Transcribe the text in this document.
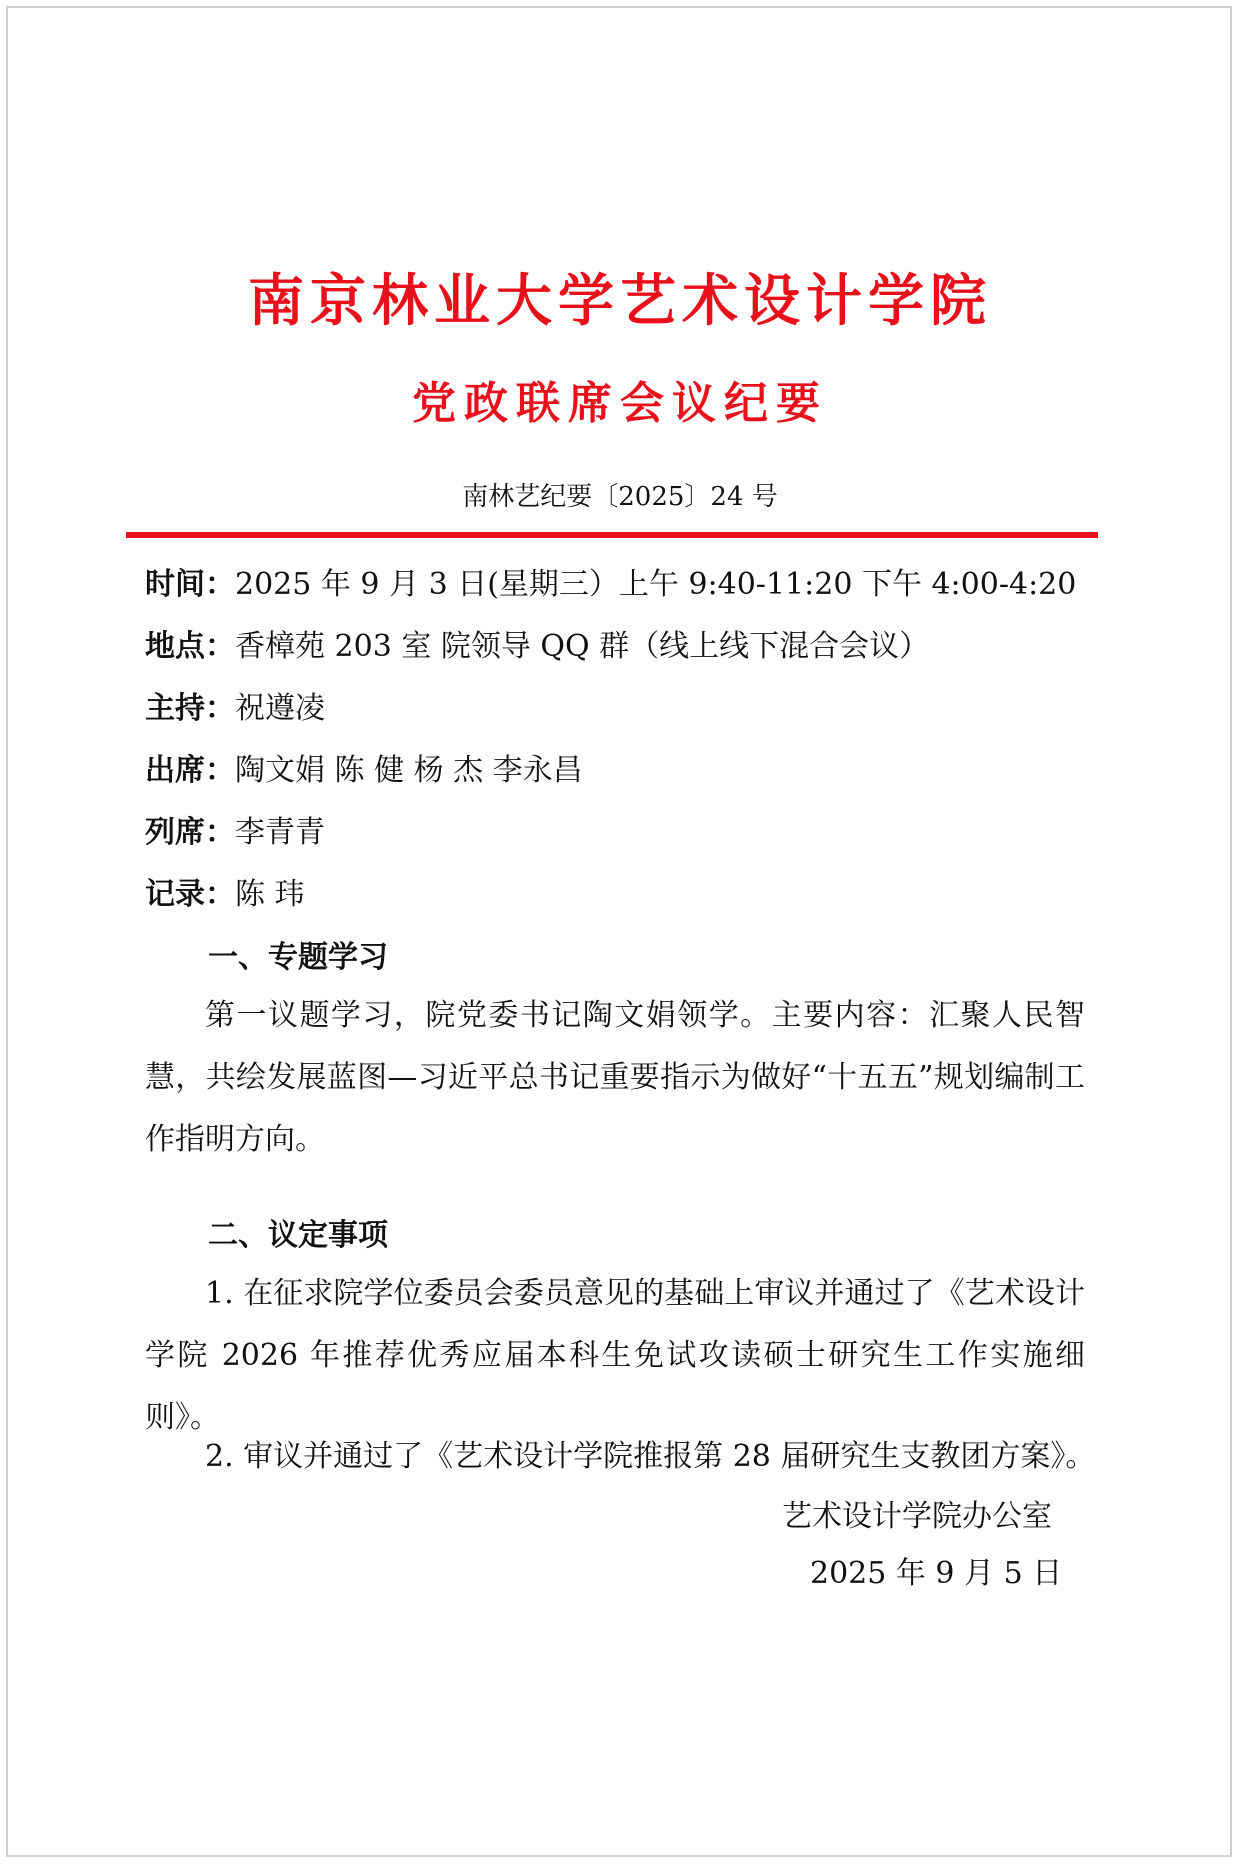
南京林业大学艺术设计学院
党政联席会议纪要

南林艺纪要〔2025〕24 号

时间：2025 年 9 月 3 日(星期三）上午 9:40-11:20 下午 4:00-4:20

地点：香樟苑 203 室 院领导 QQ 群（线上线下混合会议）

主持：祝遵凌

出席：陶文娟 陈 健 杨 杰 李永昌

列席：李青青

记录：陈 玮

一、专题学习

第一议题学习，院党委书记陶文娟领学。主要内容：汇聚人民智慧，共绘发展蓝图—习近平总书记重要指示为做好“十五五”规划编制工作指明方向。

二、议定事项

1. 在征求院学位委员会委员意见的基础上审议并通过了《艺术设计学院 2026 年推荐优秀应届本科生免试攻读硕士研究生工作实施细则》。

2. 审议并通过了《艺术设计学院推报第 28 届研究生支教团方案》。

艺术设计学院办公室

2025 年 9 月 5 日
